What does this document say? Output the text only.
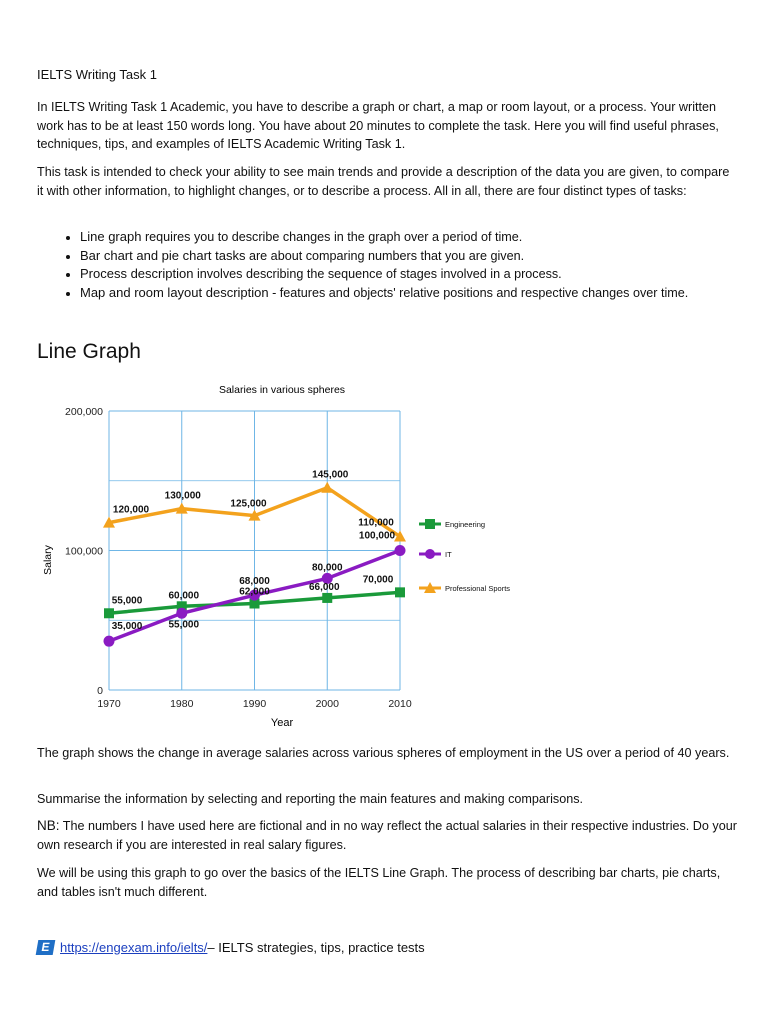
IELTS Writing Task 1

In IELTS Writing Task 1 Academic, you have to describe a graph or chart, a map or room layout, or a process. Your written work has to be at least 150 words long. You have about 20 minutes to complete the task. Here you will find useful phrases, techniques, tips, and examples of IELTS Academic Writing Task 1.

This task is intended to check your ability to see main trends and provide a description of the data you are given, to compare it with other information, to highlight changes, or to describe a process. All in all, there are four distinct types of tasks:

• Line graph requires you to describe changes in the graph over a period of time.
• Bar chart and pie chart tasks are about comparing numbers that you are given.
• Process description involves describing the sequence of stages involved in a process.
• Map and room layout description - features and objects' relative positions and respective changes over time.
Line Graph
0
100,000
200,000
1970	1980	1990	2000	2010
55,000	60,000	62,000	66,000
70,000
35,000	55,000
68,000
80,000
100,000
120,000
130,000
125,000
145,000
110,000	Engineering
IT
Professional Sports
Salaries in various spheres
Year
Salary

The graph shows the change in average salaries across various spheres of employment in the US over a period of 40 years.

Summarise the information by selecting and reporting the main features and making comparisons.

NB: The numbers I have used here are fictional and in no way reflect the actual salaries in their respective industries. Do your own research if you are interested in real salary figures.

We will be using this graph to go over the basics of the IELTS Line Graph. The process of describing bar charts, pie charts, and tables isn't much different.

E https://engexam.info/ielts/ – IELTS strategies, tips, practice tests
